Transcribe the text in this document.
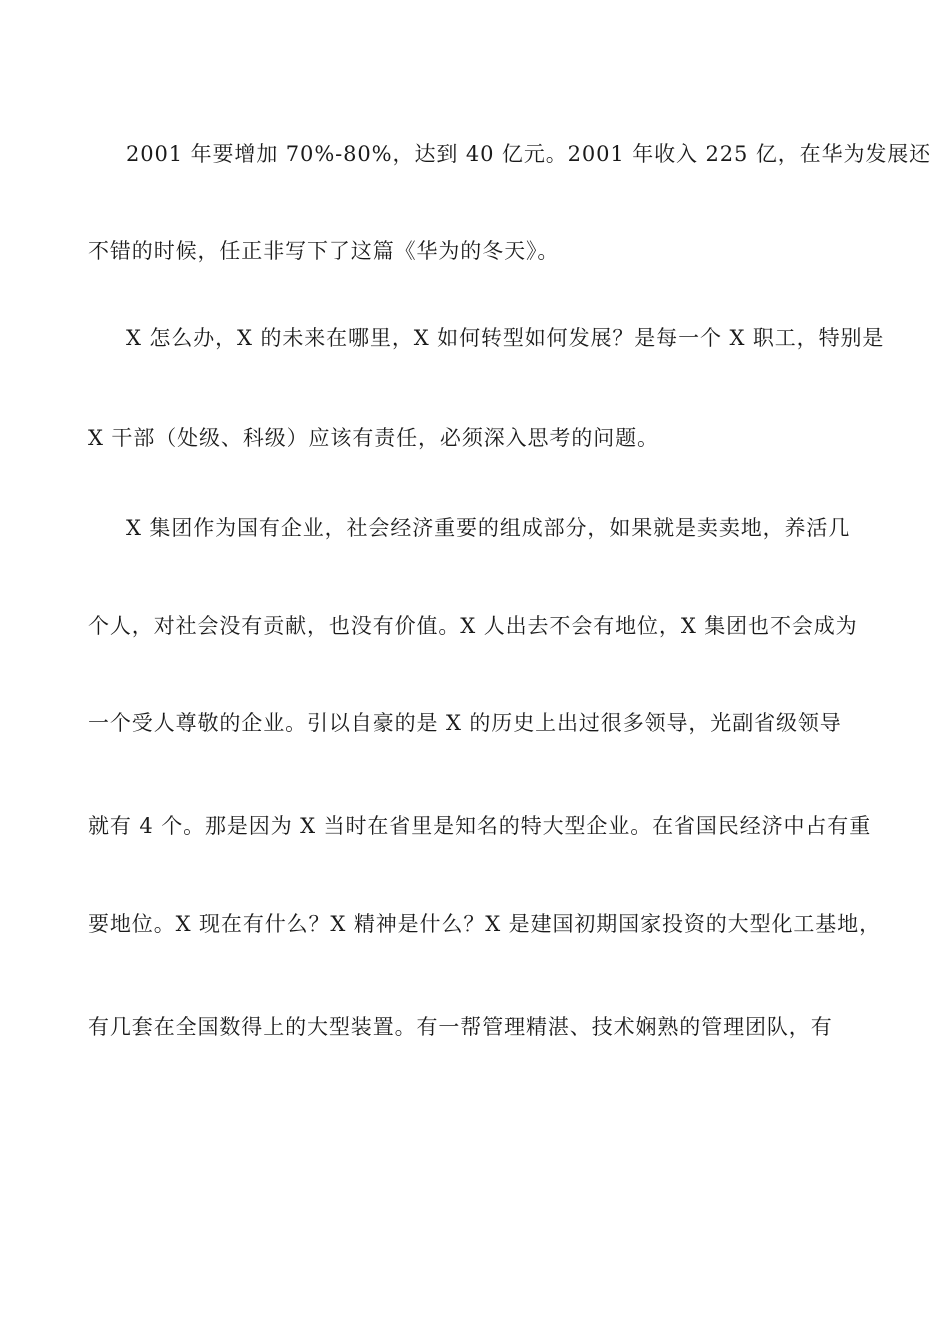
2001 年要增加 70%-80%，达到 40 亿元。2001 年收入 225 亿，在华为发展还
不错的时候，任正非写下了这篇《华为的冬天》。
X 怎么办，X 的未来在哪里，X 如何转型如何发展？是每一个 X 职工，特别是
X 干部（处级、科级）应该有责任，必须深入思考的问题。
X 集团作为国有企业，社会经济重要的组成部分，如果就是卖卖地，养活几
个人，对社会没有贡献，也没有价值。X 人出去不会有地位，X 集团也不会成为
一个受人尊敬的企业。引以自豪的是 X 的历史上出过很多领导，光副省级领导
就有 4 个。那是因为 X 当时在省里是知名的特大型企业。在省国民经济中占有重
要地位。X 现在有什么？X 精神是什么？X 是建国初期国家投资的大型化工基地，
有几套在全国数得上的大型装置。有一帮管理精湛、技术娴熟的管理团队，有
